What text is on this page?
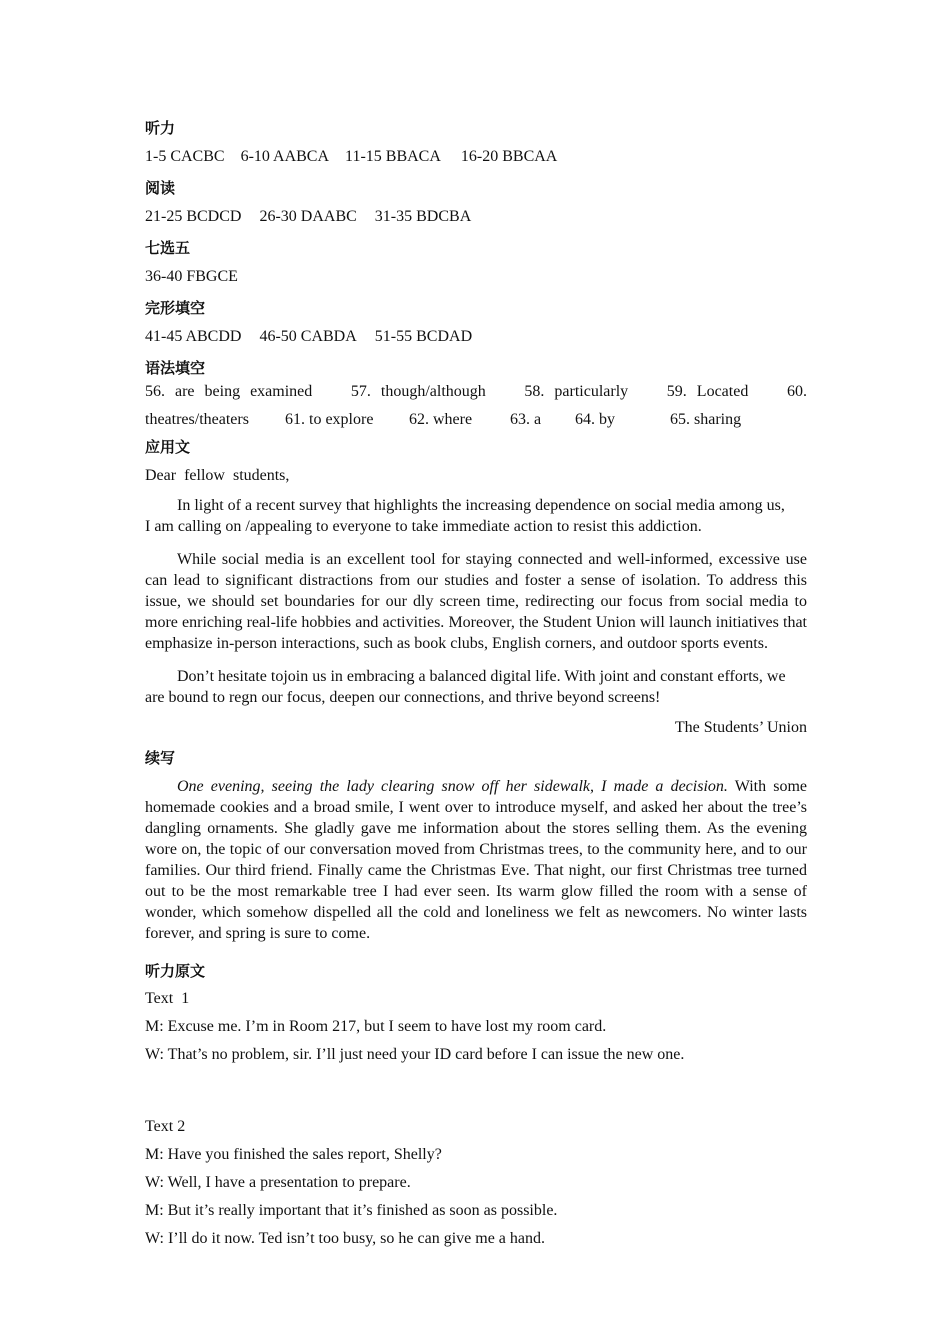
听力
1-5 CACBC 6-10 AABCA 11-15 BBACA 16-20 BBCAA
阅读
21-25 BCDCD 26-30 DAABC 31-35 BDCBA
七选五
36-40 FBGCE
完形填空
41-45 ABCDD 46-50 CABDA 51-55 BCDAD
语法填空
56. are being examined 57. though/although 58. particularly 59. Located 60.
theatres/theaters 61. to explore 62. where 63. a 64. by	65. sharing
应用文
Dear fellow students,

In light of a recent survey that highlights the increasing dependence on social media among us, I am calling on /appealing to everyone to take immediate action to resist this addiction.

While social media is an excellent tool for staying connected and well-informed, excessive use can lead to significant distractions from our studies and foster a sense of isolation. To address this issue, we should set boundaries for our dly screen time, redirecting our focus from social media to more enriching real-life hobbies and activities. Moreover, the Student Union will launch initiatives that emphasize in-person interactions, such as book clubs, English corners, and outdoor sports events.

Don’t hesitate tojoin us in embracing a balanced digital life. With joint and constant efforts, we are bound to regn our focus, deepen our connections, and thrive beyond screens!

The Students’ Union
续写

One evening, seeing the lady clearing snow off her sidewalk, I made a decision. With some homemade cookies and a broad smile, I went over to introduce myself, and asked her about the tree’s dangling ornaments. She gladly gave me information about the stores selling them. As the evening wore on, the topic of our conversation moved from Christmas trees, to the community here, and to our families. Our third friend. Finally came the Christmas Eve. That night, our first Christmas tree turned out to be the most remarkable tree I had ever seen. Its warm glow filled the room with a sense of wonder, which somehow dispelled all the cold and loneliness we felt as newcomers. No winter lasts forever, and spring is sure to come.

听力原文
Text 1
M: Excuse me. I’m in Room 217, but I seem to have lost my room card.
W: That’s no problem, sir. I’ll just need your ID card before I can issue the new one.
Text 2
M: Have you finished the sales report, Shelly?
W: Well, I have a presentation to prepare.
M: But it’s really important that it’s finished as soon as possible.
W: I’ll do it now. Ted isn’t too busy, so he can give me a hand.
